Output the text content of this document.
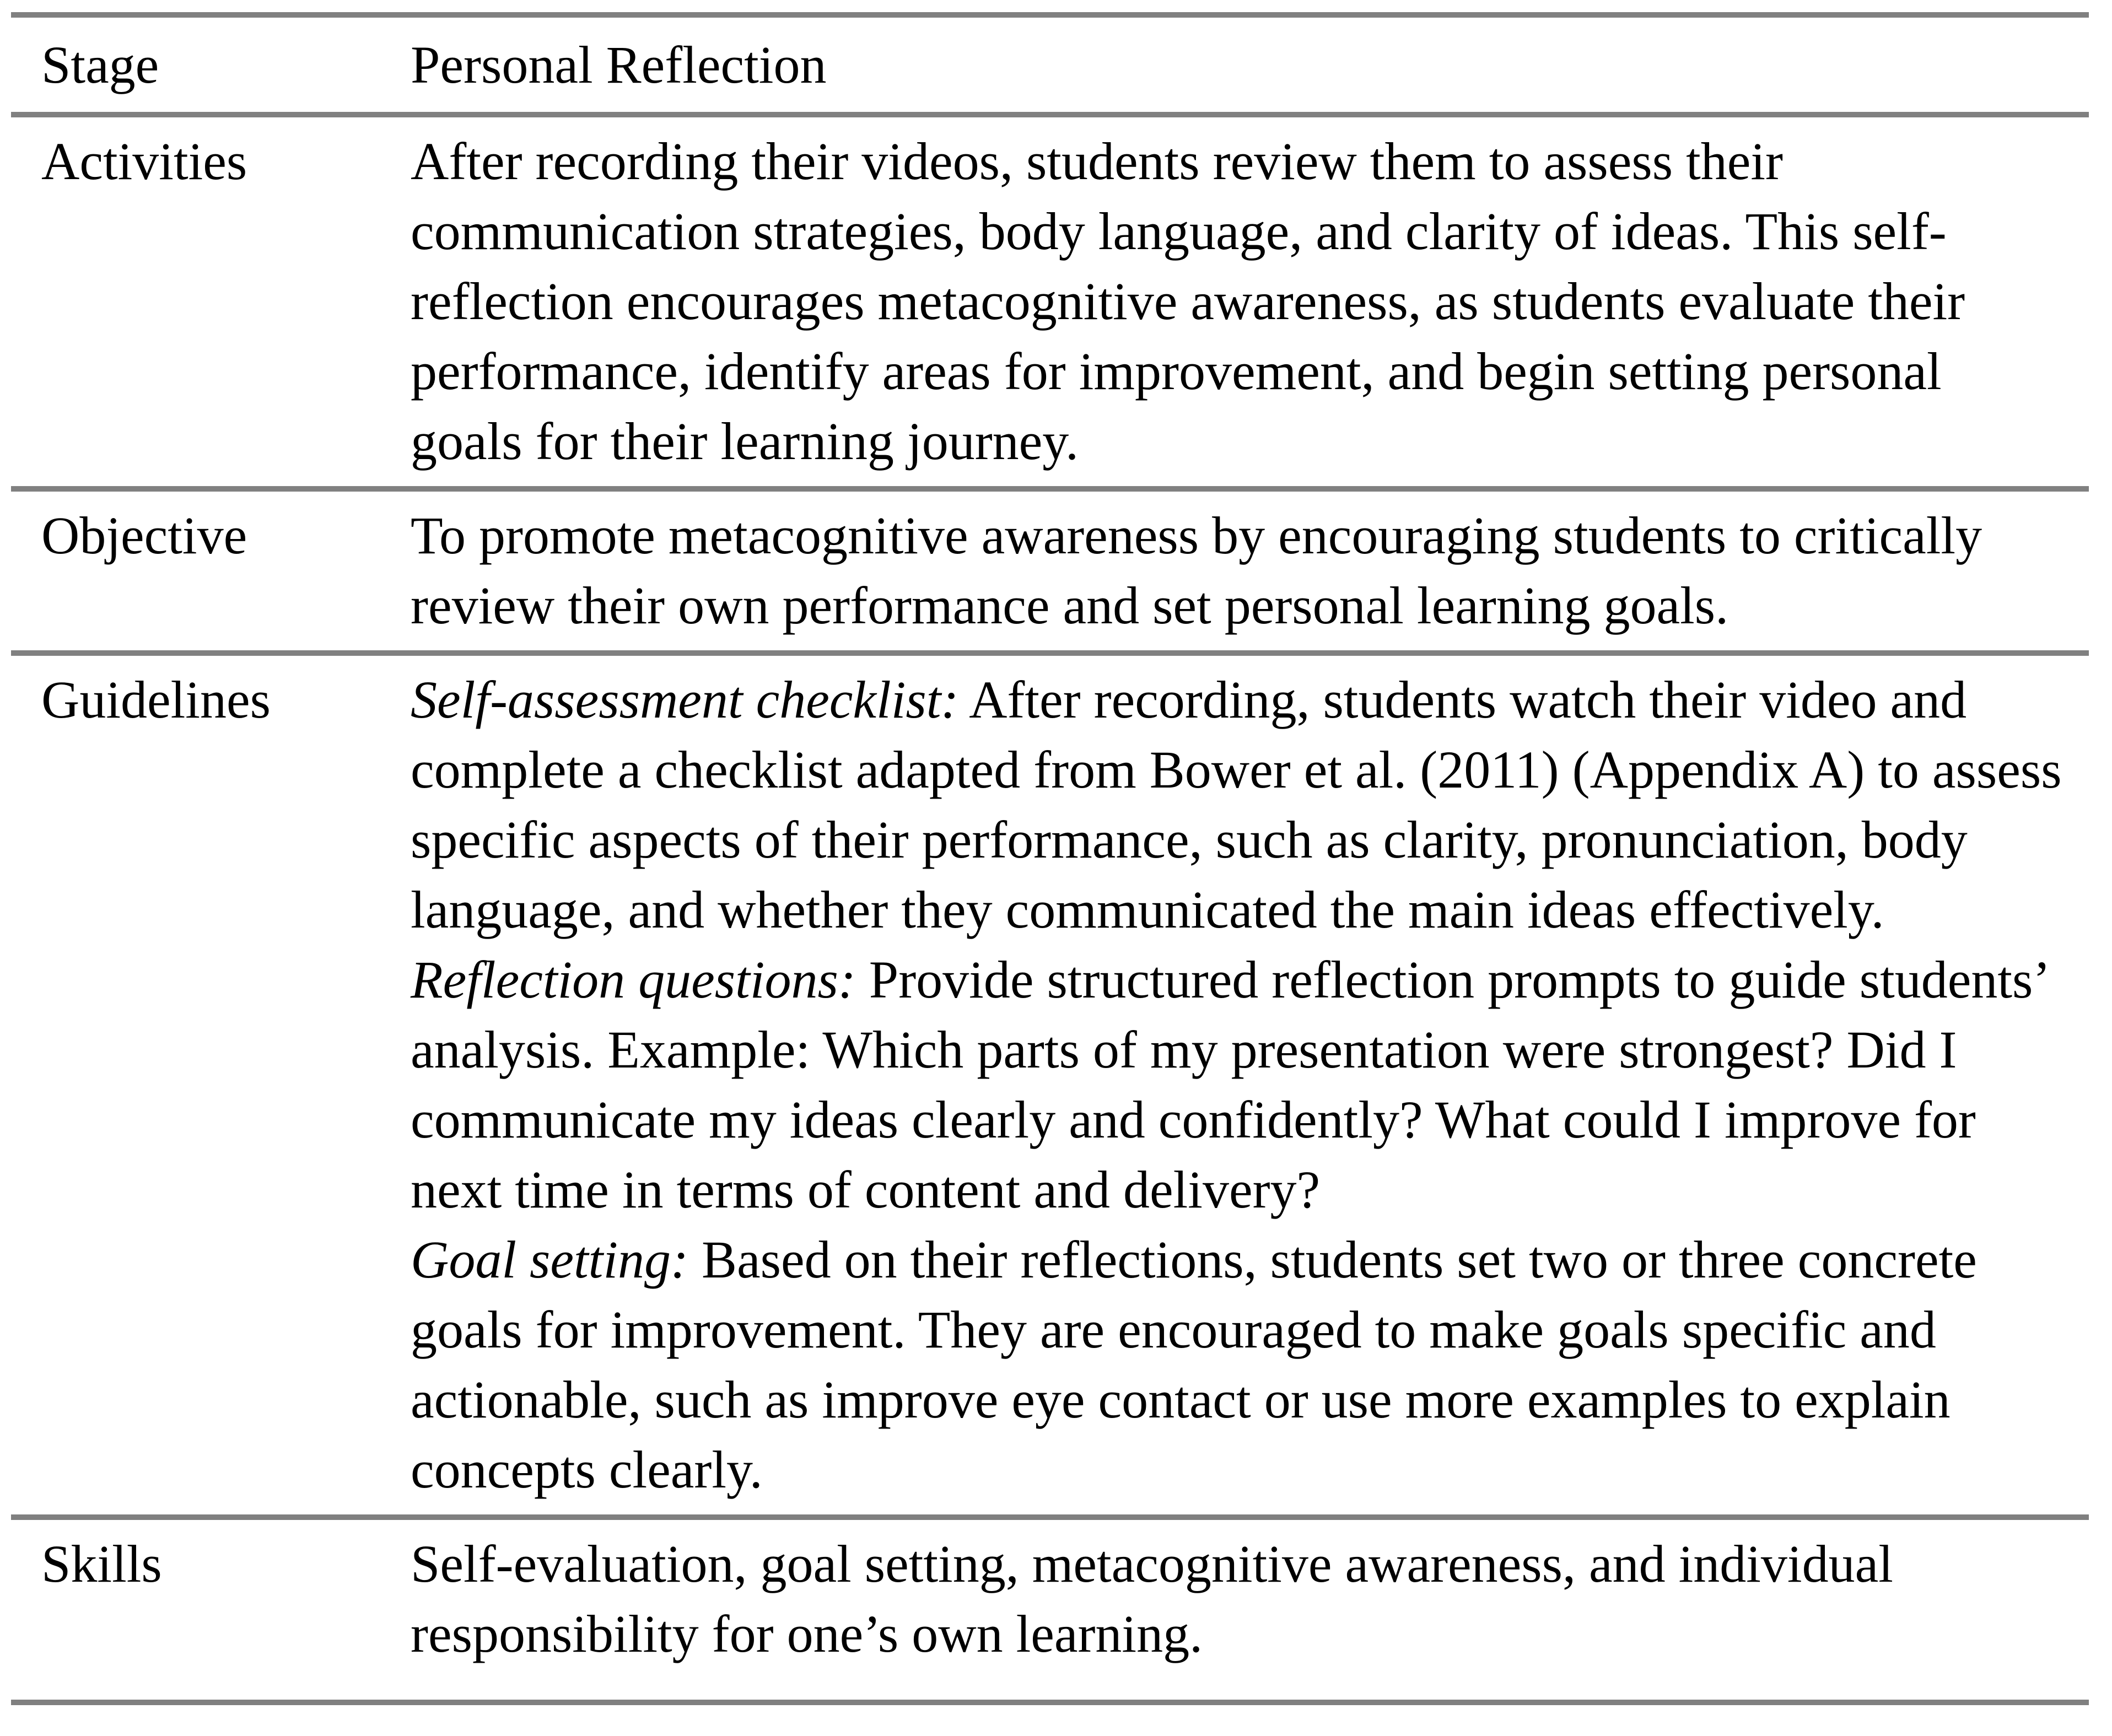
Stage	Personal Reflection
Activities	After recording their videos, students review them to assess their communication strategies, body language, and clarity of ideas. This self-reflection encourages metacognitive awareness, as students evaluate their performance, identify areas for improvement, and begin setting personal goals for their learning journey.

Objective	To promote metacognitive awareness by encouraging students to critically review their own performance and set personal learning goals.

Guidelines	Self-assessment checklist: After recording, students watch their video and complete a checklist adapted from Bower et al. (2011) (Appendix A) to assess specific aspects of their performance, such as clarity, pronunciation, body language, and whether they communicated the main ideas effectively.

Reflection questions: Provide structured reflection prompts to guide students’ analysis. Example: Which parts of my presentation were strongest? Did I communicate my ideas clearly and confidently? What could I improve for next time in terms of content and delivery?

Goal setting: Based on their reflections, students set two or three concrete goals for improvement. They are encouraged to make goals specific and actionable, such as improve eye contact or use more examples to explain concepts clearly.

Skills	Self-evaluation, goal setting, metacognitive awareness, and individual responsibility for one’s own learning.
